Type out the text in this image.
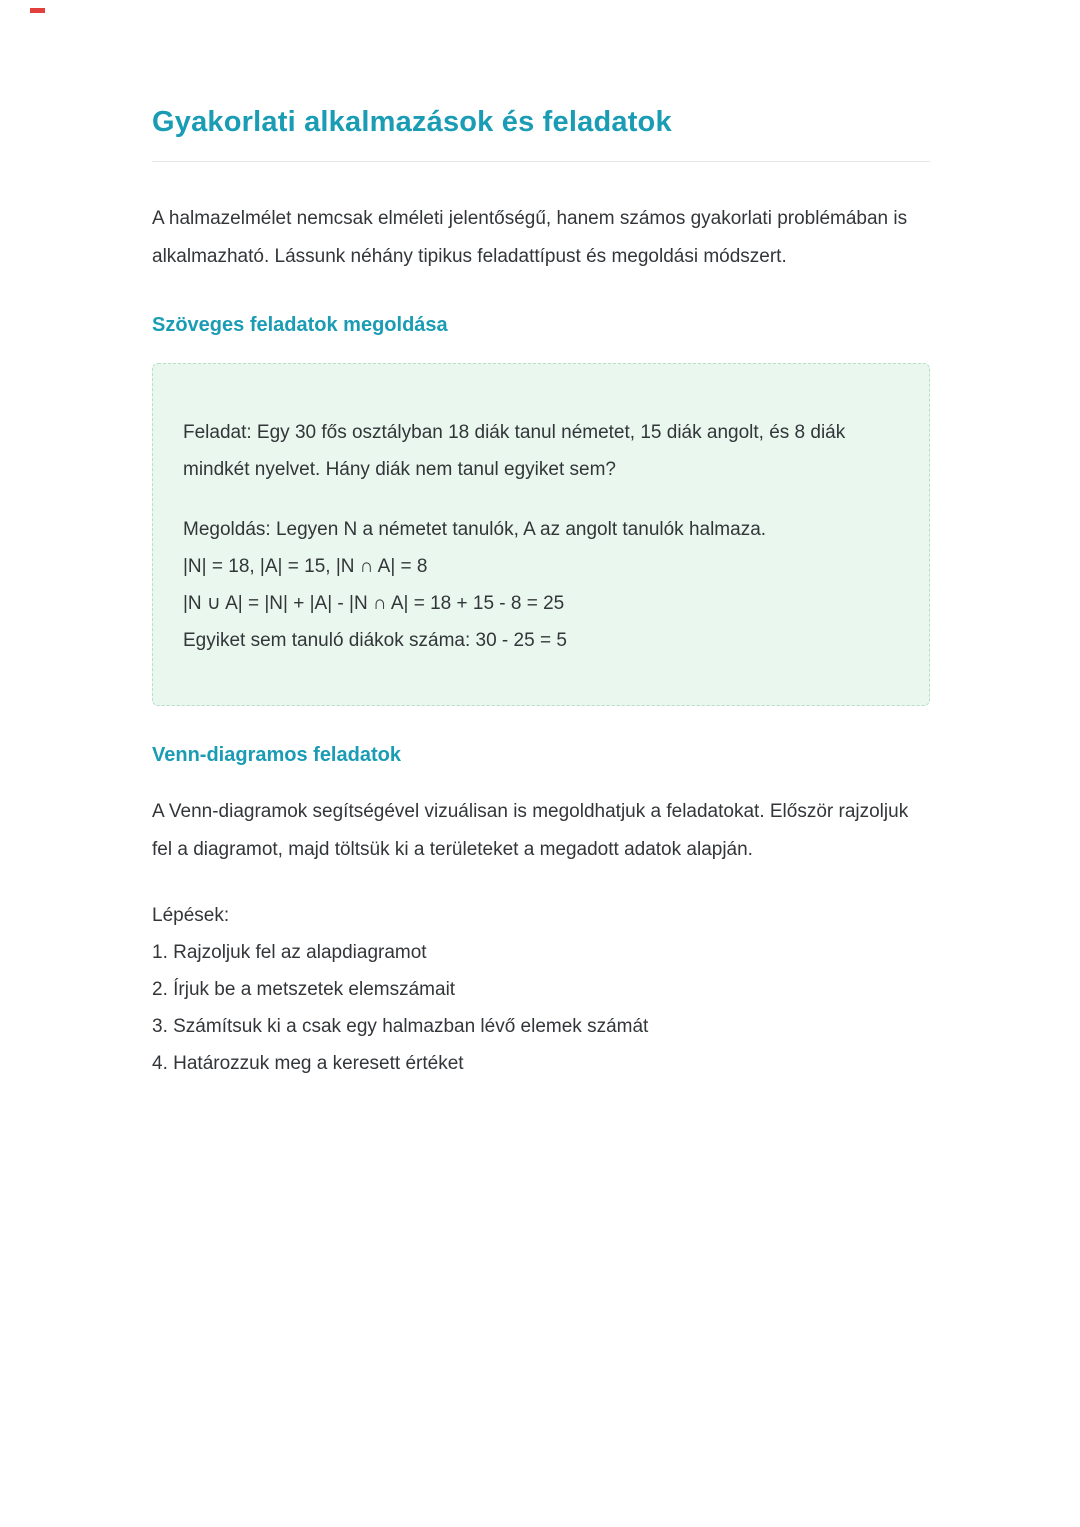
Gyakorlati alkalmazások és feladatok

A halmazelmélet nemcsak elméleti jelentőségű, hanem számos gyakorlati problémában is alkalmazható. Lássunk néhány tipikus feladattípust és megoldási módszert.

Szöveges feladatok megoldása

Feladat: Egy 30 fős osztályban 18 diák tanul németet, 15 diák angolt, és 8 diák mindkét nyelvet. Hány diák nem tanul egyiket sem?

Megoldás: Legyen N a németet tanulók, A az angolt tanulók halmaza.
|N| = 18, |A| = 15, |N ∩ A| = 8
|N ∪ A| = |N| + |A| - |N ∩ A| = 18 + 15 - 8 = 25
Egyiket sem tanuló diákok száma: 30 - 25 = 5
Venn-diagramos feladatok

A Venn-diagramok segítségével vizuálisan is megoldhatjuk a feladatokat. Először rajzoljuk fel a diagramot, majd töltsük ki a területeket a megadott adatok alapján.

Lépések:
1. Rajzoljuk fel az alapdiagramot
2. Írjuk be a metszetek elemszámait
3. Számítsuk ki a csak egy halmazban lévő elemek számát
4. Határozzuk meg a keresett értéket
